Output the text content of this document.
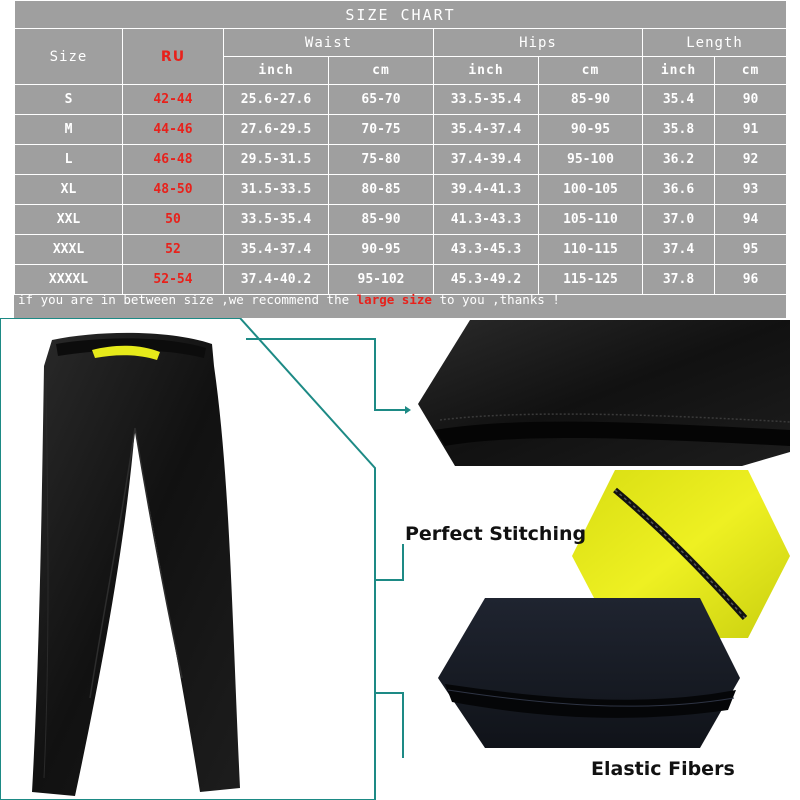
SIZE CHART							
Size	RU	Waist		Hips		Length	
		inch	cm	inch	cm	inch	cm
S	42-44	25.6-27.6	65-70	33.5-35.4	85-90	35.4	90
M	44-46	27.6-29.5	70-75	35.4-37.4	90-95	35.8	91
L	46-48	29.5-31.5	75-80	37.4-39.4	95-100	36.2	92
XL	48-50	31.5-33.5	80-85	39.4-41.3	100-105	36.6	93
XXL	50	33.5-35.4	85-90	41.3-43.3	105-110	37.0	94
XXXL	52	35.4-37.4	90-95	43.3-45.3	110-115	37.4	95
XXXXL	52-54	37.4-40.2	95-102	45.3-49.2	115-125	37.8	96
if you are in between size ,we recommend the large size to you ,thanks !
Perfect Stitching
Elastic Fibers
